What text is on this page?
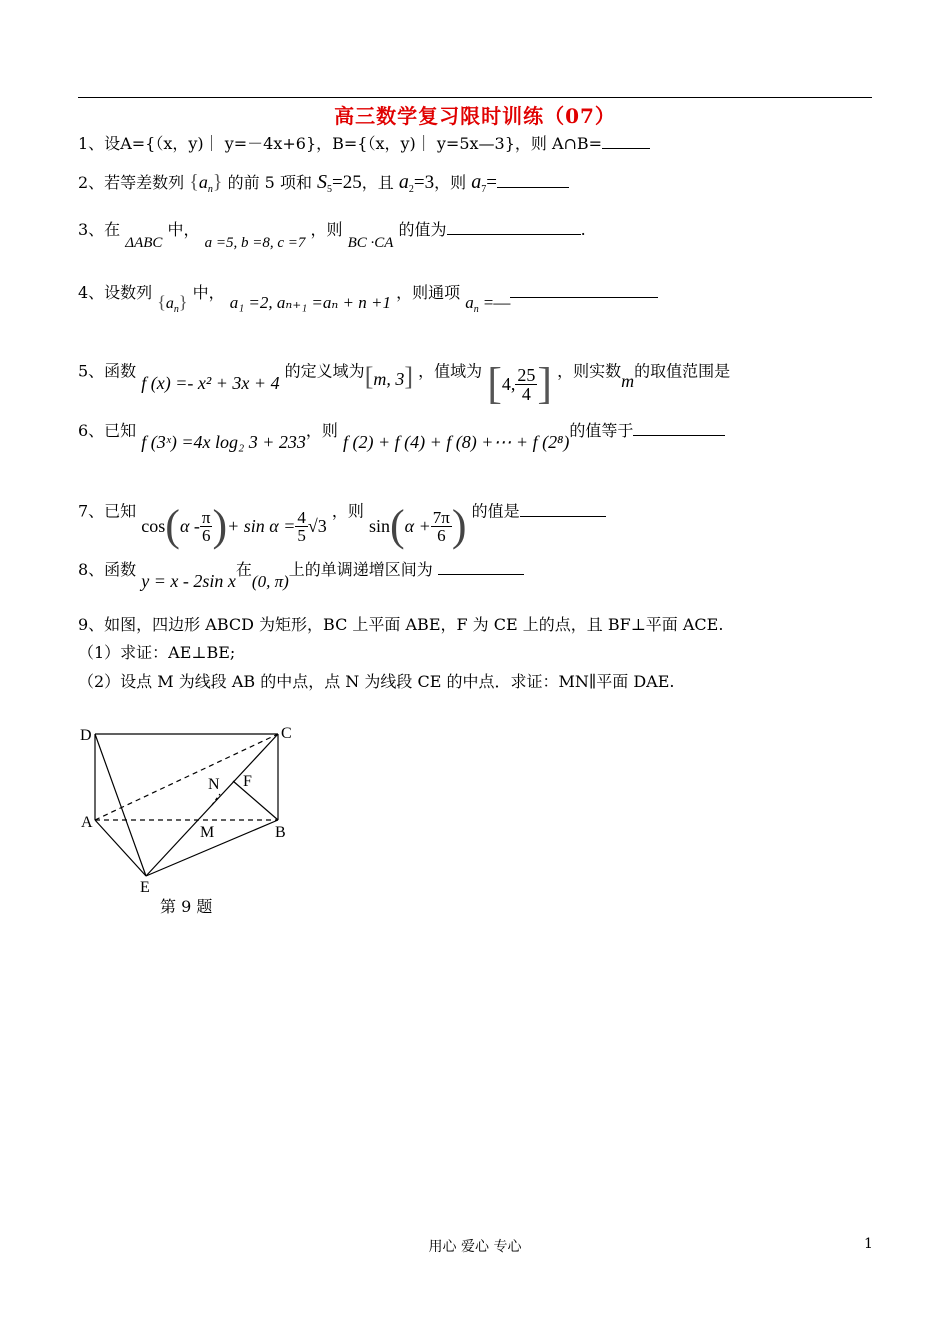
高三数学复习限时训练（07）
1、设A={（x，y)｜ y=－4x+6}，B={（x，y)｜ y=5x—3}，则 A∩B=
2、若等差数列 $\{a_n\}$ 的前 5 项和 $S_5=25$，且 $a_2=3$，则 $a_7=$
3、在 ΔABC 中， a =5, b =8, c =7 ，则 BC ·CA 的值为	.
4、设数列 $\{a_n\}$ 中， a₁ =2, aₙ₊₁ =aₙ + n +1 ，则通项 $a_n$ =—
5、函数 f (x) =- x² + 3x + 4 的定义域为[m, 3] ，值域为 [4, $\frac{25}{4}$ ] ，则实数m的取值范围是
6、已知 f (3ˣ) =4x log₂ 3 + 233，则 f (2) + f (4) + f (8) +⋯ + f (2⁸)的值等于
7、已知 $\cos(\alpha - \frac{\pi}{6}$ )+ $\sin \alpha = \frac{4}{5} √3$ ，则 $\sin(\alpha + \frac{7\pi}{6}$ ) 的值是
8、函数 y = x - 2sin x在(0, π)上的单调递增区间为
9、如图，四边形 ABCD 为矩形，BC 上平面 ABE，F 为 CE 上的点，且 BF⊥平面 ACE.
（1）求证：AE⊥BE;
（2）设点 M 为线段 AB 的中点，点 N 为线段 CE 的中点．求证：MN∥平面 DAE.
D	C
A
B
E
N F
M
第 9 题
用心 爱心 专心	1
